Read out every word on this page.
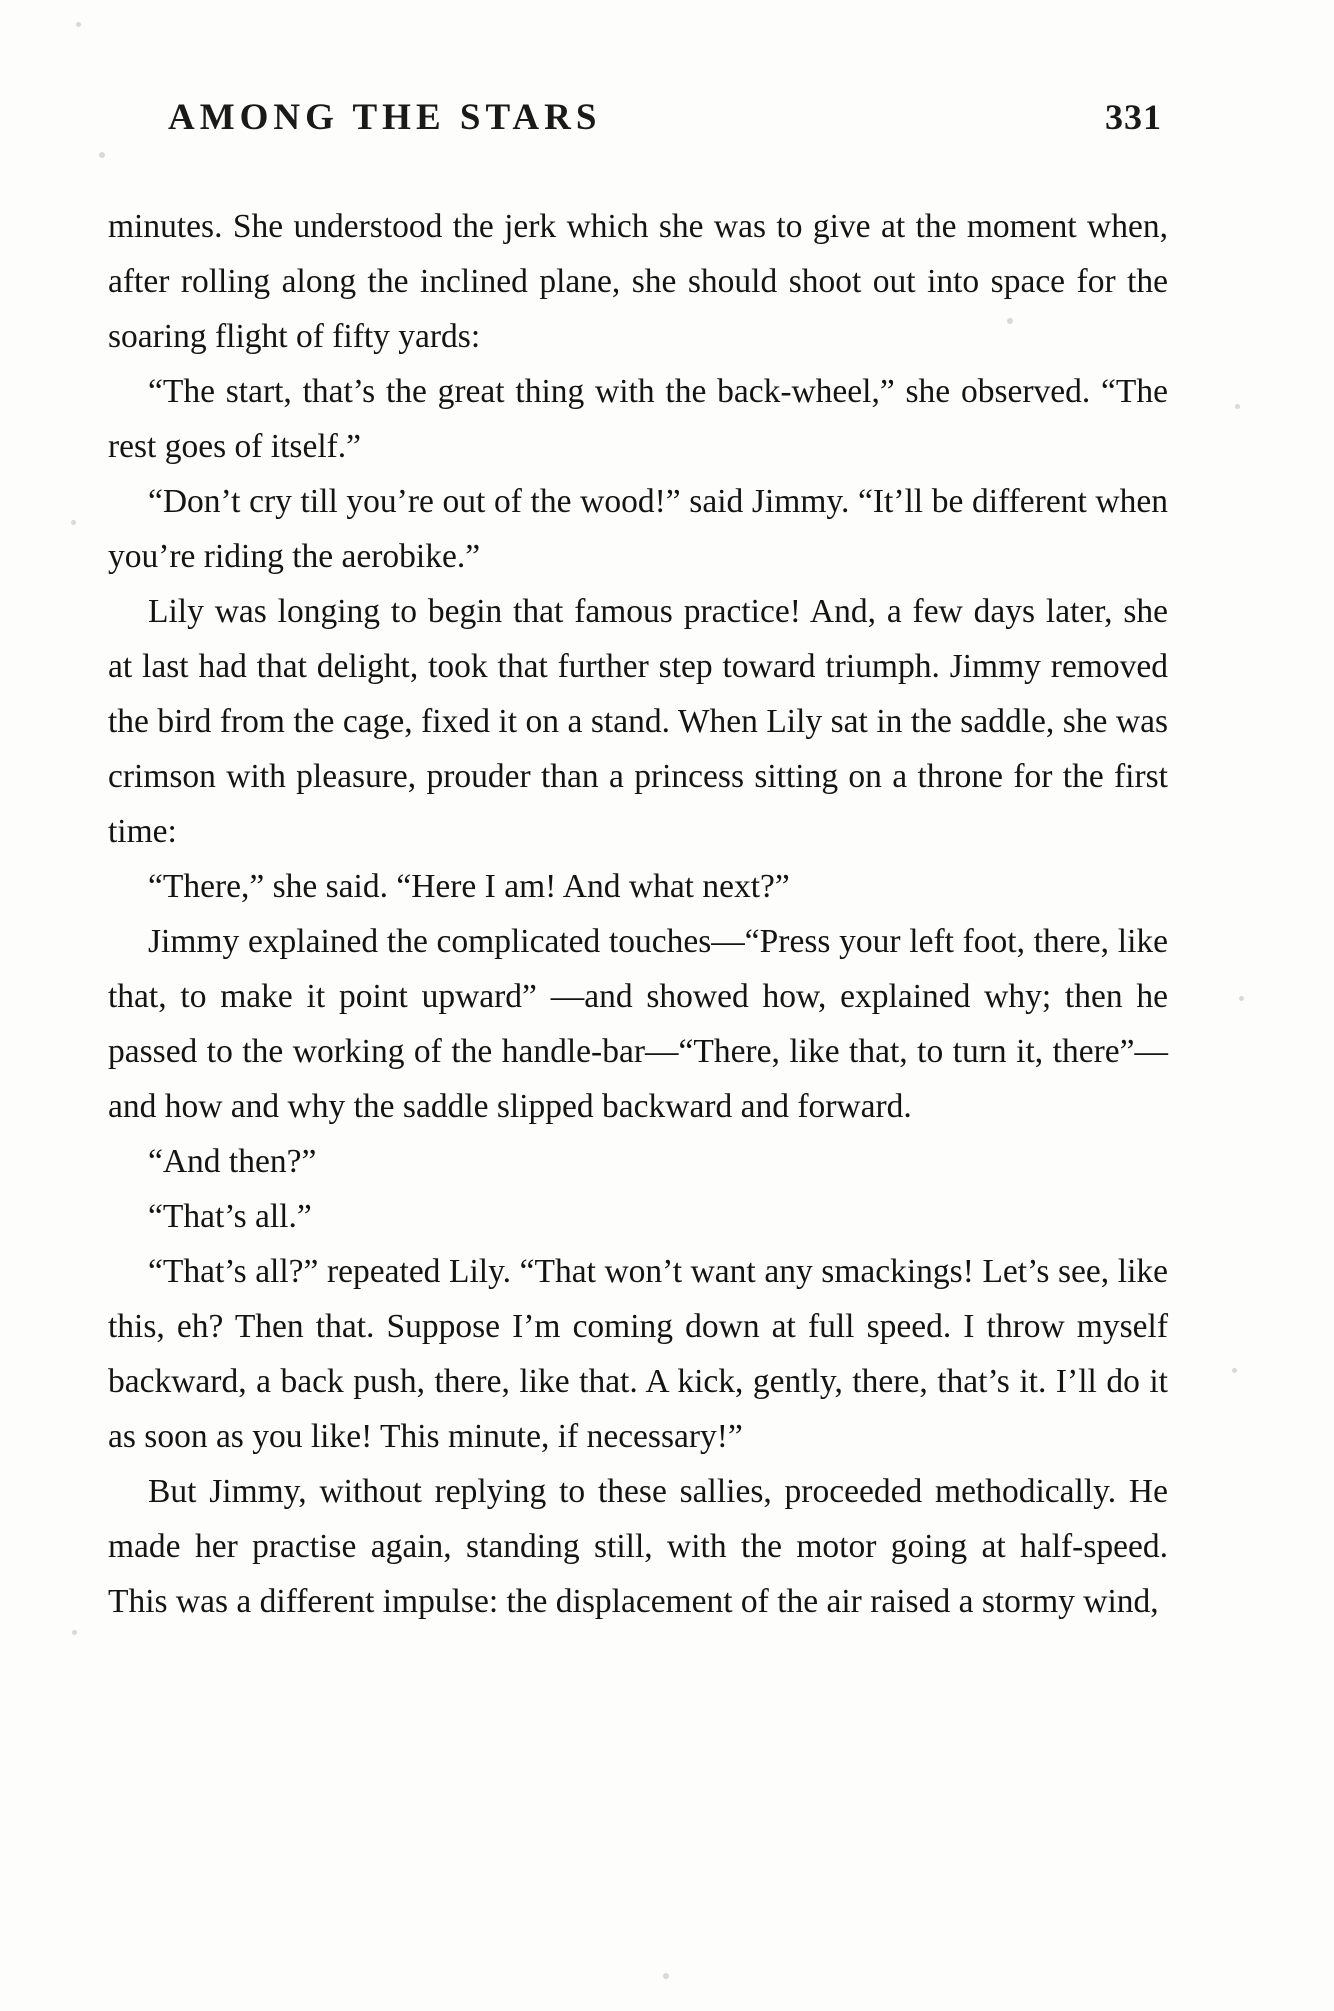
AMONG THE STARS	331

minutes. She understood the jerk which she was to give at the moment when, after rolling along the inclined plane, she should shoot out into space for the soaring flight of fifty yards:

“The start, that’s the great thing with the back-wheel,” she observed. “The rest goes of itself.”

“Don’t cry till you’re out of the wood!” said Jimmy. “It’ll be different when you’re riding the aerobike.”

Lily was longing to begin that famous practice! And, a few days later, she at last had that delight, took that further step toward triumph. Jimmy removed the bird from the cage, fixed it on a stand. When Lily sat in the saddle, she was crimson with pleasure, prouder than a princess sitting on a throne for the first time:

“There,” she said. “Here I am! And what next?”

Jimmy explained the complicated touches—“Press your left foot, there, like that, to make it point upward” —and showed how, explained why; then he passed to the working of the handle-bar—“There, like that, to turn it, there”—and how and why the saddle slipped backward and forward.

“And then?”

“That’s all.”

“That’s all?” repeated Lily. “That won’t want any smackings! Let’s see, like this, eh? Then that. Suppose I’m coming down at full speed. I throw myself backward, a back push, there, like that. A kick, gently, there, that’s it. I’ll do it as soon as you like! This minute, if necessary!”

But Jimmy, without replying to these sallies, proceeded methodically. He made her practise again, standing still, with the motor going at half-speed. This was a different impulse: the displacement of the air raised a stormy wind,
